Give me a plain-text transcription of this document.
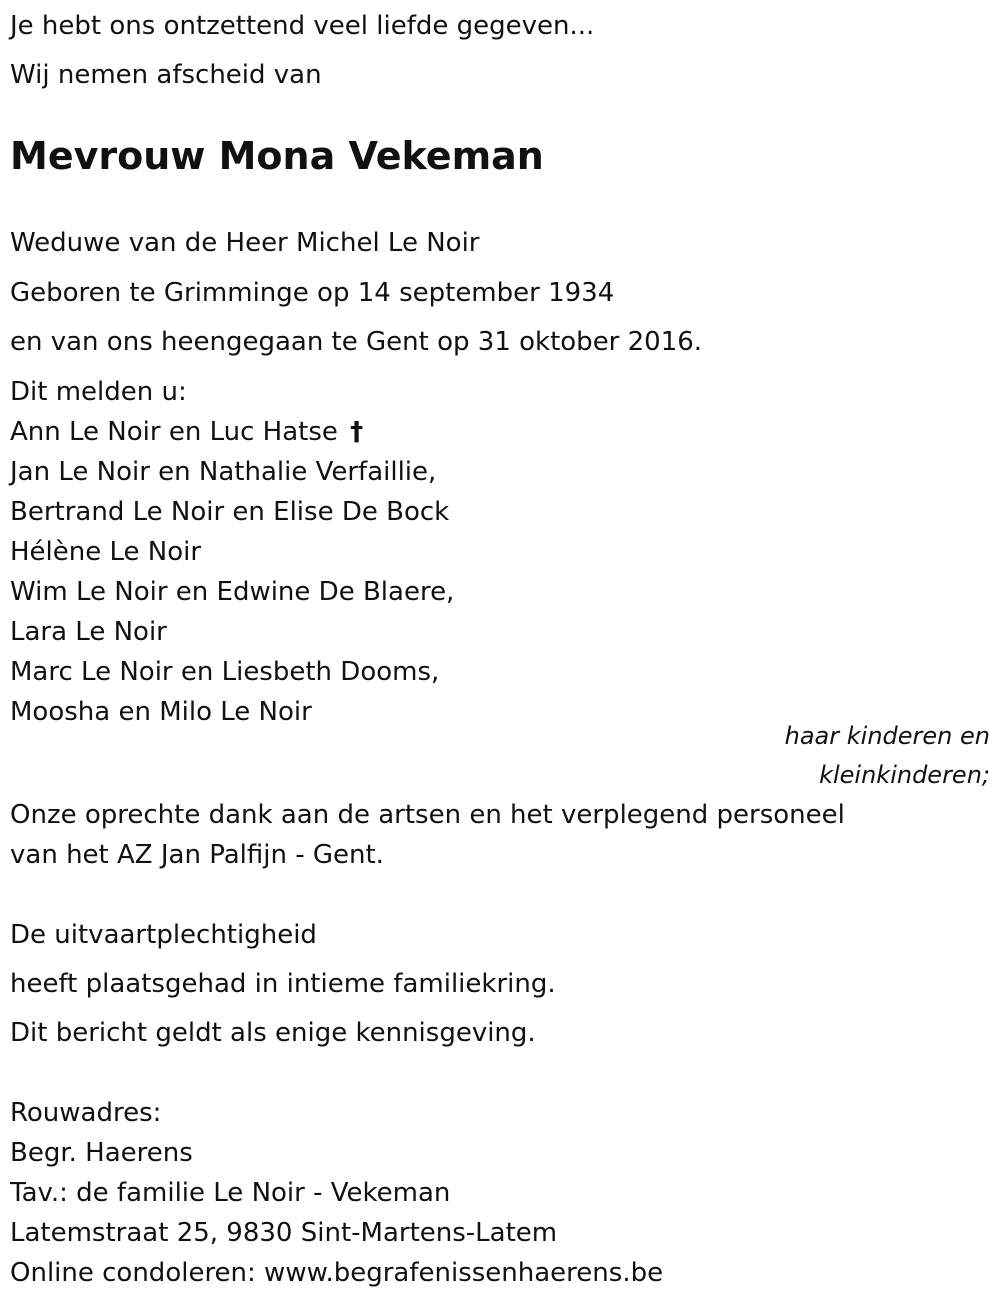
Je hebt ons ontzettend veel liefde gegeven...
Wij nemen afscheid van
Mevrouw Mona Vekeman
Weduwe van de Heer Michel Le Noir
Geboren te Grimminge op 14 september 1934
en van ons heengegaan te Gent op 31 oktober 2016.
Dit melden u:
Ann Le Noir en Luc Hatse †
Jan Le Noir en Nathalie Verfaillie,
Bertrand Le Noir en Elise De Bock
Hélène Le Noir
Wim Le Noir en Edwine De Blaere,
Lara Le Noir
Marc Le Noir en Liesbeth Dooms,
Moosha en Milo Le Noir
haar kinderen en
kleinkinderen;
Onze oprechte dank aan de artsen en het verplegend personeel
van het AZ Jan Palfijn - Gent.
De uitvaartplechtigheid
heeft plaatsgehad in intieme familiekring.
Dit bericht geldt als enige kennisgeving.
Rouwadres:
Begr. Haerens
Tav.: de familie Le Noir - Vekeman
Latemstraat 25, 9830 Sint-Martens-Latem
Online condoleren: www.begrafenissenhaerens.be
